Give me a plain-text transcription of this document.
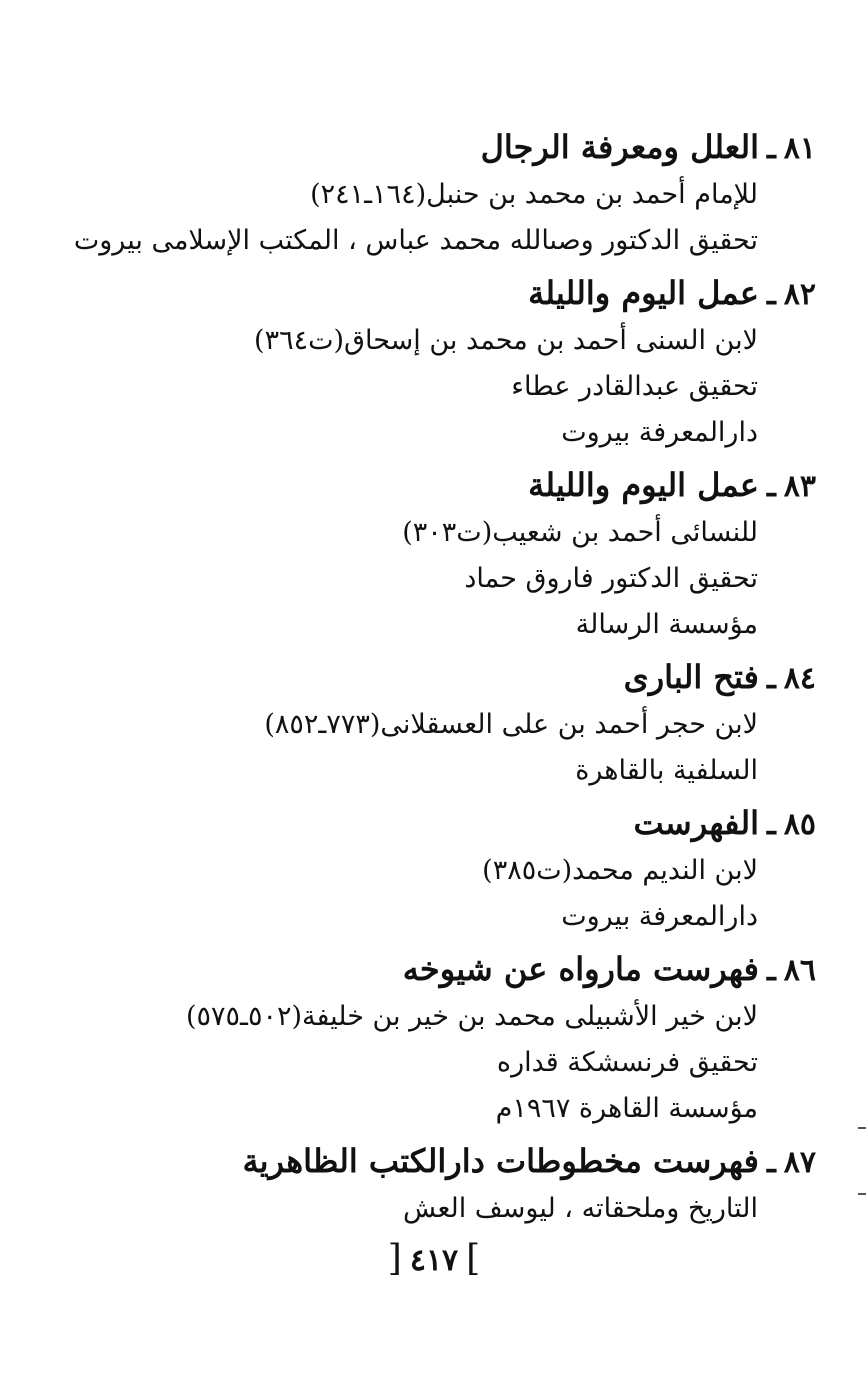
٨١
ـ
العلل ومعرفة الرجال
للإمام أحمد بن محمد بن حنبل(١٦٤ـ٢٤١)
تحقيق الدكتور وصىالله محمد عباس ، المكتب الإسلامى بيروت
٨٢
ـ
عمل اليوم والليلة
لابن السنى أحمد بن محمد بن إسحاق(ت٣٦٤)
تحقيق عبدالقادر عطاء
دارالمعرفة بيروت
٨٣
ـ
عمل اليوم والليلة
للنسائى أحمد بن شعيب(ت٣٠٣)
تحقيق الدكتور فاروق حماد
مؤسسة الرسالة
٨٤
ـ
فتح البارى
لابن حجر أحمد بن على العسقلانى(٧٧٣ـ٨٥٢)
السلفية بالقاهرة
٨٥
ـ
الفهرست
لابن النديم محمد(ت٣٨٥)
دارالمعرفة بيروت
٨٦
ـ
فهرست مارواه عن شيوخه
لابن خير الأشبيلى محمد بن خير بن خليفة(٥٠٢ـ٥٧٥)
تحقيق فرنسشكة قداره
مؤسسة القاهرة ١٩٦٧م
٨٧
ـ
فهرست مخطوطات دارالكتب الظاهرية
التاريخ وملحقاته ، ليوسف العش
] ٤١٧ [
